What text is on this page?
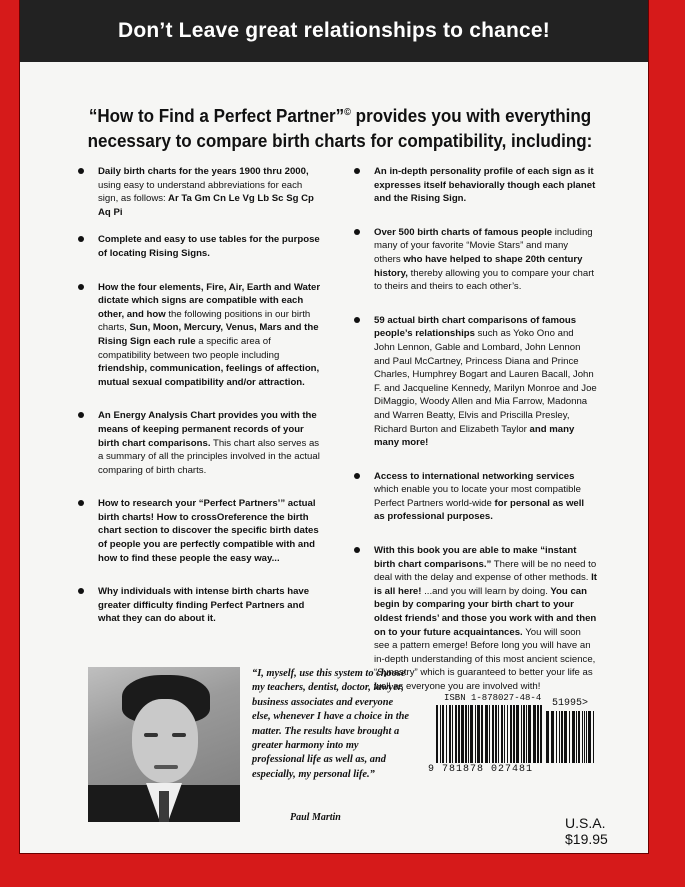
Don’t Leave great relationships to chance!
“How to Find a Perfect Partner”© provides you with everything necessary to compare birth charts for compatibility, including:
Daily birth charts for the years 1900 thru 2000, using easy to understand abbreviations for each sign, as follows: Ar Ta Gm Cn Le Vg Lb Sc Sg Cp Aq Pi
Complete and easy to use tables for the purpose of locating Rising Signs.
How the four elements, Fire, Air, Earth and Water dictate which signs are compatible with each other, and how the following positions in our birth charts, Sun, Moon, Mercury, Venus, Mars and the Rising Sign each rule a specific area of compatibility between two people including friendship, communication, feelings of affection, mutual sexual compatibility and/or attraction.
An Energy Analysis Chart provides you with the means of keeping permanent records of your birth chart comparisons. This chart also serves as a summary of all the principles involved in the actual comparing of birth charts.
How to research your “Perfect Partners’” actual birth charts! How to crossOreference the birth chart section to discover the specific birth dates of people you are perfectly compatible with and how to find these people the easy way...
Why individuals with intense birth charts have greater difficulty finding Perfect Partners and what they can do about it.
An in-depth personality profile of each sign as it expresses itself behaviorally though each planet and the Rising Sign.
Over 500 birth charts of famous people including many of your favorite “Movie Stars” and many others who have helped to shape 20th century history, thereby allowing you to compare your chart to theirs and theirs to each other’s.
59 actual birth chart comparisons of famous people’s relationships such as Yoko Ono and John Lennon, Gable and Lombard, John Lennon and Paul McCartney, Princess Diana and Prince Charles, Humphrey Bogart and Lauren Bacall, John F. and Jacqueline Kennedy, Marilyn Monroe and Joe DiMaggio, Woody Allen and Mia Farrow, Madonna and Warren Beatty, Elvis and Priscilla Presley, Richard Burton and Elizabeth Taylor and many many more!
Access to international networking services which enable you to locate your most compatible Perfect Partners world-wide for personal as well as professional purposes.
With this book you are able to make “instant birth chart comparisons.” There will be no need to deal with the delay and expense of other methods. It is all here! ...and you will learn by doing. You can begin by comparing your birth chart to your oldest friends’ and those you work with and then on to your future acquaintances. You will soon see a pattern emerge! Before long you will have an in-depth understanding of this most ancient science, “Synastry” which is guaranteed to better your life as well as everyone you are involved with!
“I, myself, use this system to choose my teachers, dentist, doctor, lawyer, business associates and everyone else, whenever I have a choice in the matter. The results have brought a greater harmony into my professional life as well as, and especially, my personal life.”
Paul Martin
ISBN 1-878027-48-4 51995>
9 781878 027481
U.S.A. $19.95
